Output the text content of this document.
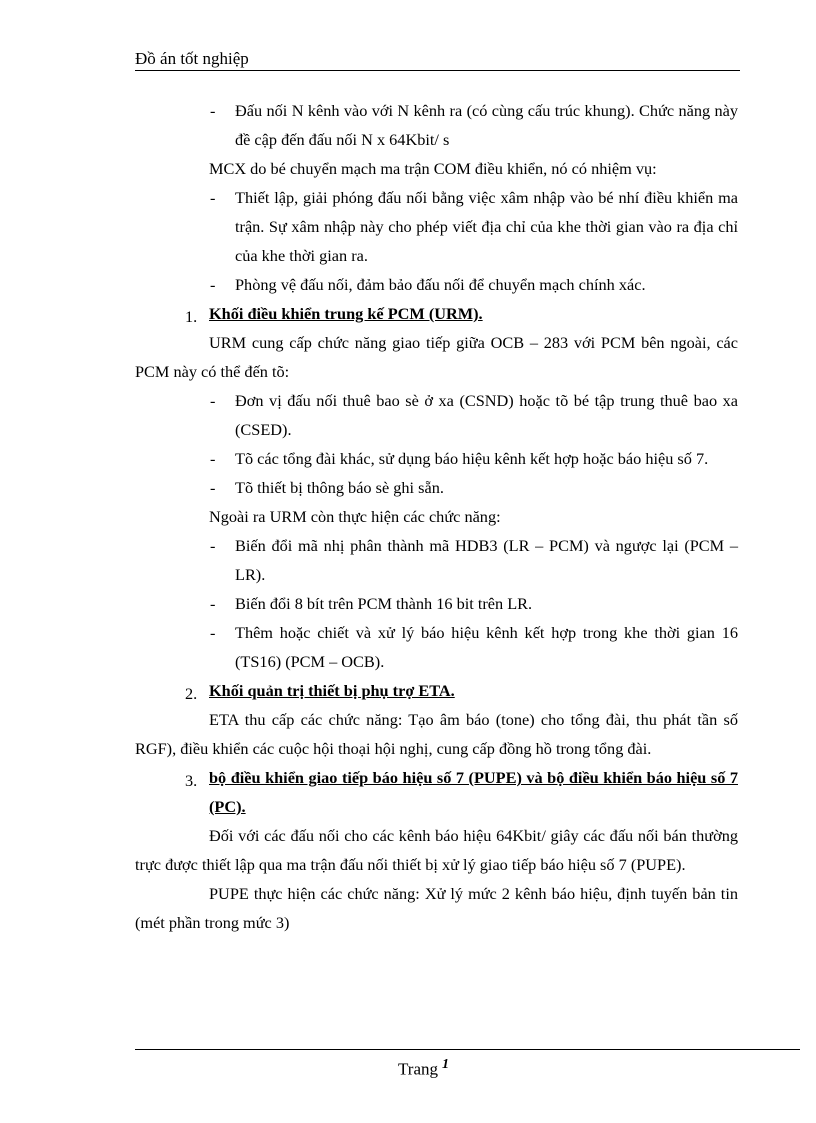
Đồ án tốt nghiệp

- Đấu nối N kênh vào với N kênh ra (có cùng cấu trúc khung). Chức năng này đề cập đến đấu nối N x 64Kbit/ s

MCX do bé chuyển mạch ma trận COM điều khiển, nó có nhiệm vụ:

- Thiết lập, giải phóng đấu nối bằng việc xâm nhập vào bé nhí điều khiển ma trận. Sự xâm nhập này cho phép viết địa chỉ của khe thời gian vào ra địa chỉ của khe thời gian ra.

- Phòng vệ đấu nối, đảm bảo đấu nối để chuyển mạch chính xác.

1. Khối điều khiển trung kế PCM (URM).

URM cung cấp chức năng giao tiếp giữa OCB – 283 với PCM bên ngoài, các PCM này có thể đến tõ:

- Đơn vị đấu nối thuê bao sè ở xa (CSND) hoặc tõ bé tập trung thuê bao xa (CSED).

- Tõ các tổng đài khác, sử dụng báo hiệu kênh kết hợp hoặc báo hiệu số 7.

- Tõ thiết bị thông báo sè ghi sẵn.

Ngoài ra URM còn thực hiện các chức năng:

- Biến đổi mã nhị phân thành mã HDB3 (LR – PCM) và ngược lại (PCM – LR).

- Biến đổi 8 bít trên PCM thành 16 bit trên LR.

- Thêm hoặc chiết và xử lý báo hiệu kênh kết hợp trong khe thời gian 16 (TS16) (PCM – OCB).

2. Khối quản trị thiết bị phụ trợ ETA.

ETA thu cấp các chức năng: Tạo âm báo (tone) cho tổng đài, thu phát tần số RGF), điều khiển các cuộc hội thoại hội nghị, cung cấp đồng hồ trong tổng đài.

3. bộ điều khiển giao tiếp báo hiệu số 7 (PUPE) và bộ điều khiển báo hiệu số 7 (PC).

Đối với các đấu nối cho các kênh báo hiệu 64Kbit/ giây các đấu nối bán thường trực được thiết lập qua ma trận đấu nối thiết bị xử lý giao tiếp báo hiệu số 7 (PUPE).

PUPE thực hiện các chức năng: Xử lý mức 2 kênh báo hiệu, định tuyến bản tin (mét phần trong mức 3)

Trang $^1$
